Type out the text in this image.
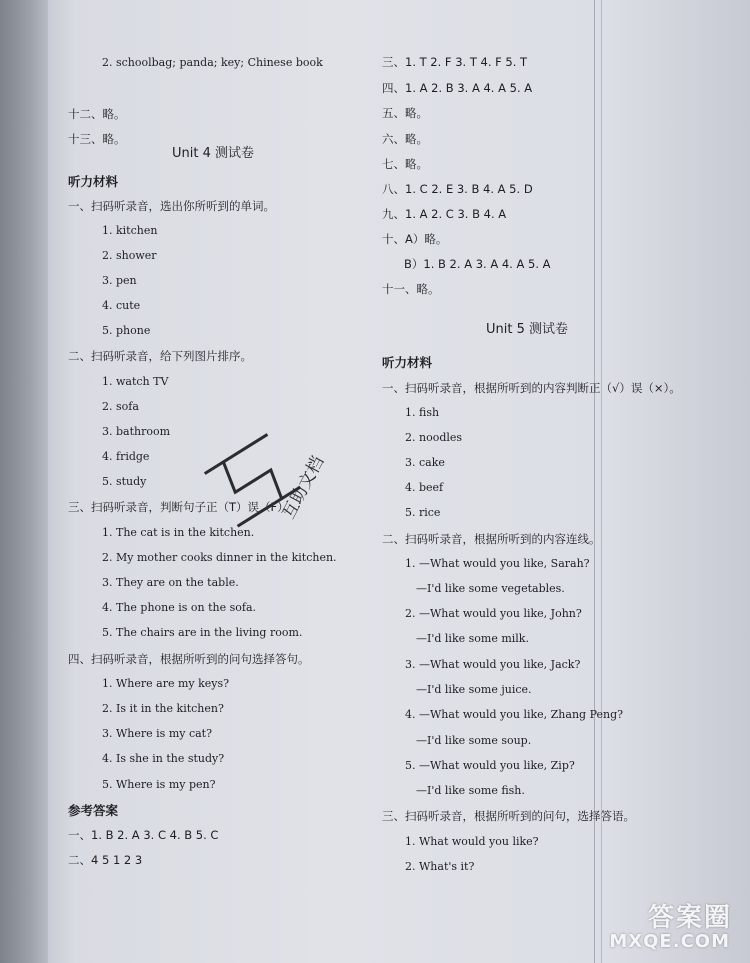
2. schoolbag; panda; key; Chinese book
十二、略。
十三、略。
Unit 4 测试卷
听力材料
一、扫码听录音，选出你所听到的单词。
1. kitchen
2. shower
3. pen
4. cute
5. phone
二、扫码听录音，给下列图片排序。
1. watch TV
2. sofa
3. bathroom
4. fridge
5. study
三、扫码听录音，判断句子正（T）误（F）。
1. The cat is in the kitchen.
2. My mother cooks dinner in the kitchen.
3. They are on the table.
4. The phone is on the sofa.
5. The chairs are in the living room.
四、扫码听录音，根据所听到的问句选择答句。
1. Where are my keys?
2. Is it in the kitchen?
3. Where is my cat?
4. Is she in the study?
5. Where is my pen?
参考答案
一、1. B 2. A 3. C 4. B 5. C
二、4 5 1 2 3
三、1. T 2. F 3. T 4. F 5. T
四、1. A 2. B 3. A 4. A 5. A
五、略。
六、略。
七、略。
八、1. C 2. E 3. B 4. A 5. D
九、1. A 2. C 3. B 4. A
十、A）略。
B）1. B 2. A 3. A 4. A 5. A
十一、略。
Unit 5 测试卷
听力材料
一、扫码听录音，根据所听到的内容判断正（√）误（×）。
1. fish
2. noodles
3. cake
4. beef
5. rice
二、扫码听录音，根据所听到的内容连线。
1. —What would you like, Sarah?
—I'd like some vegetables.
2. —What would you like, John?
—I'd like some milk.
3. —What would you like, Jack?
—I'd like some juice.
4. —What would you like, Zhang Peng?
—I'd like some soup.
5. —What would you like, Zip?
—I'd like some fish.
三、扫码听录音，根据所听到的问句，选择答语。
1. What would you like?
2. What's it?
互助文档
答案圈
MXQE.COM
